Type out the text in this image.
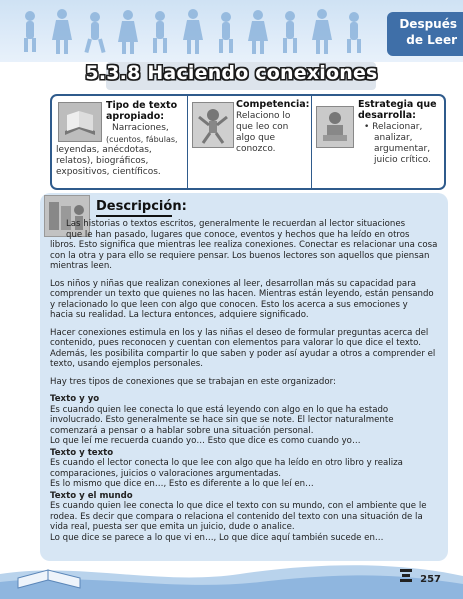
Después
de Leer
5.3.8 Haciendo conexiones
Tipo de texto
apropiado:
Narraciones,
(cuentos, fábulas,
leyendas, anécdotas,
relatos), biográficos,
expositivos, científicos.
Competencia:
Relaciono lo
que leo con
algo que
conozco.
Estrategia que
desarrolla:
• Relacionar,
analizar,
argumentar,
juicio crítico.
Descripción:

Las historias o textos escritos, generalmente le recuerdan al lector situaciones
que le han pasado, lugares que conoce, eventos y hechos que ha leído en otros
libros. Esto significa que mientras lee realiza conexiones. Conectar es relacionar una cosa
con la otra y para ello se requiere pensar. Los buenos lectores son aquellos que piensan
mientras leen.

Los niños y niñas que realizan conexiones al leer, desarrollan más su capacidad para
comprender un texto que quienes no las hacen. Mientras están leyendo, están pensando
y relacionado lo que leen con algo que conocen. Esto los acerca a sus emociones y
hacia su realidad. La lectura entonces, adquiere significado.

Hacer conexiones estimula en los y las niñas el deseo de formular preguntas acerca del
contenido, pues reconocen y cuentan con elementos para valorar lo que dice el texto.
Además, les posibilita compartir lo que saben y poder así ayudar a otros a comprender el
texto, usando ejemplos personales.

Hay tres tipos de conexiones que se trabajan en este organizador:

Texto y yo
Es cuando quien lee conecta lo que está leyendo con algo en lo que ha estado
involucrado. Esto generalmente se hace sin que se note. El lector naturalmente
comenzará a pensar o a hablar sobre una situación personal.
Lo que leí me recuerda cuando yo… Esto que dice es como cuando yo…
Texto y texto
Es cuando el lector conecta lo que lee con algo que ha leído en otro libro y realiza
comparaciones, juicios o valoraciones argumentadas.
Es lo mismo que dice en…, Esto es diferente a lo que leí en…
Texto y el mundo
Es cuando quien lee conecta lo que dice el texto con su mundo, con el ambiente que le
rodea. Es decir que compara o relaciona el contenido del texto con una situación de la
vida real, puesta ser que emita un juicio, dude o analice.
Lo que dice se parece a lo que vi en…, Lo que dice aquí también sucede en…
257
